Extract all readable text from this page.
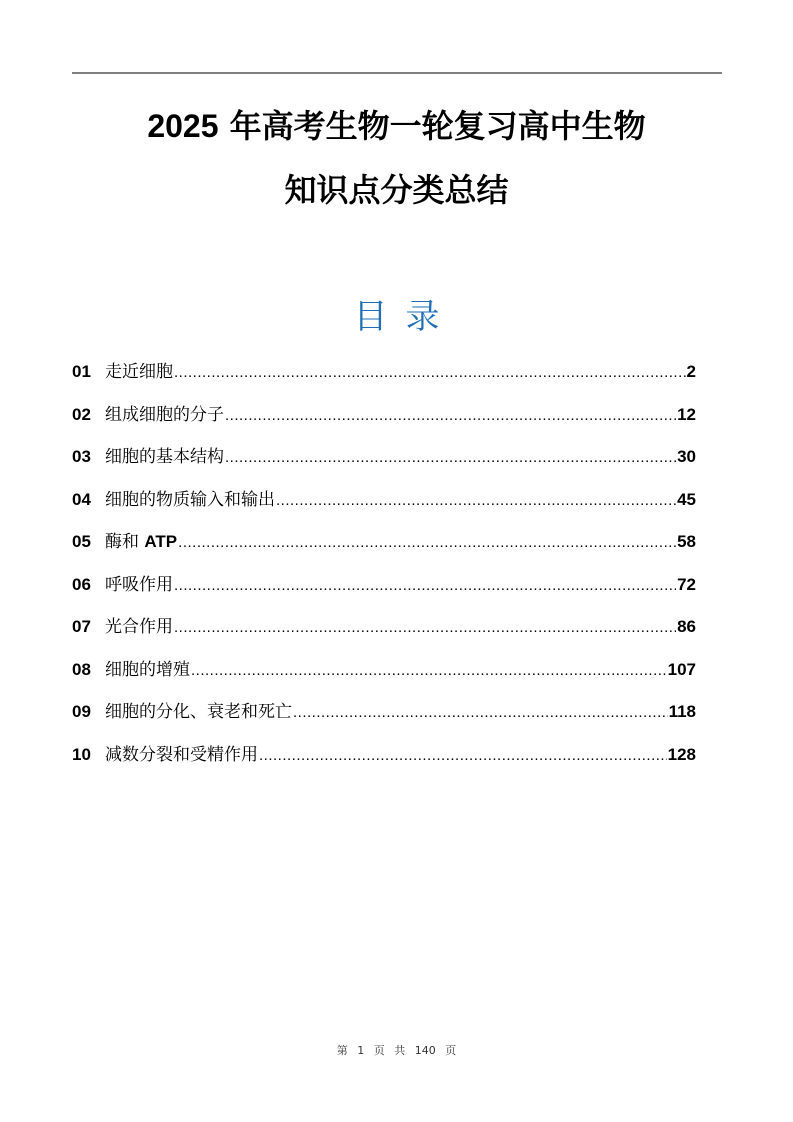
2025 年高考生物一轮复习高中生物
知识点分类总结
目录
01 走近细胞 .....	2
02 组成细胞的分子 .....	12
03 细胞的基本结构 .....	30
04 细胞的物质输入和输出 .....	45
05 酶和 ATP .....	58
06 呼吸作用 .....	72
07 光合作用 .....	86
08 细胞的增殖 .....	107
09 细胞的分化、衰老和死亡 .....	118
10 减数分裂和受精作用 .....	128
第 1 页 共 140 页
